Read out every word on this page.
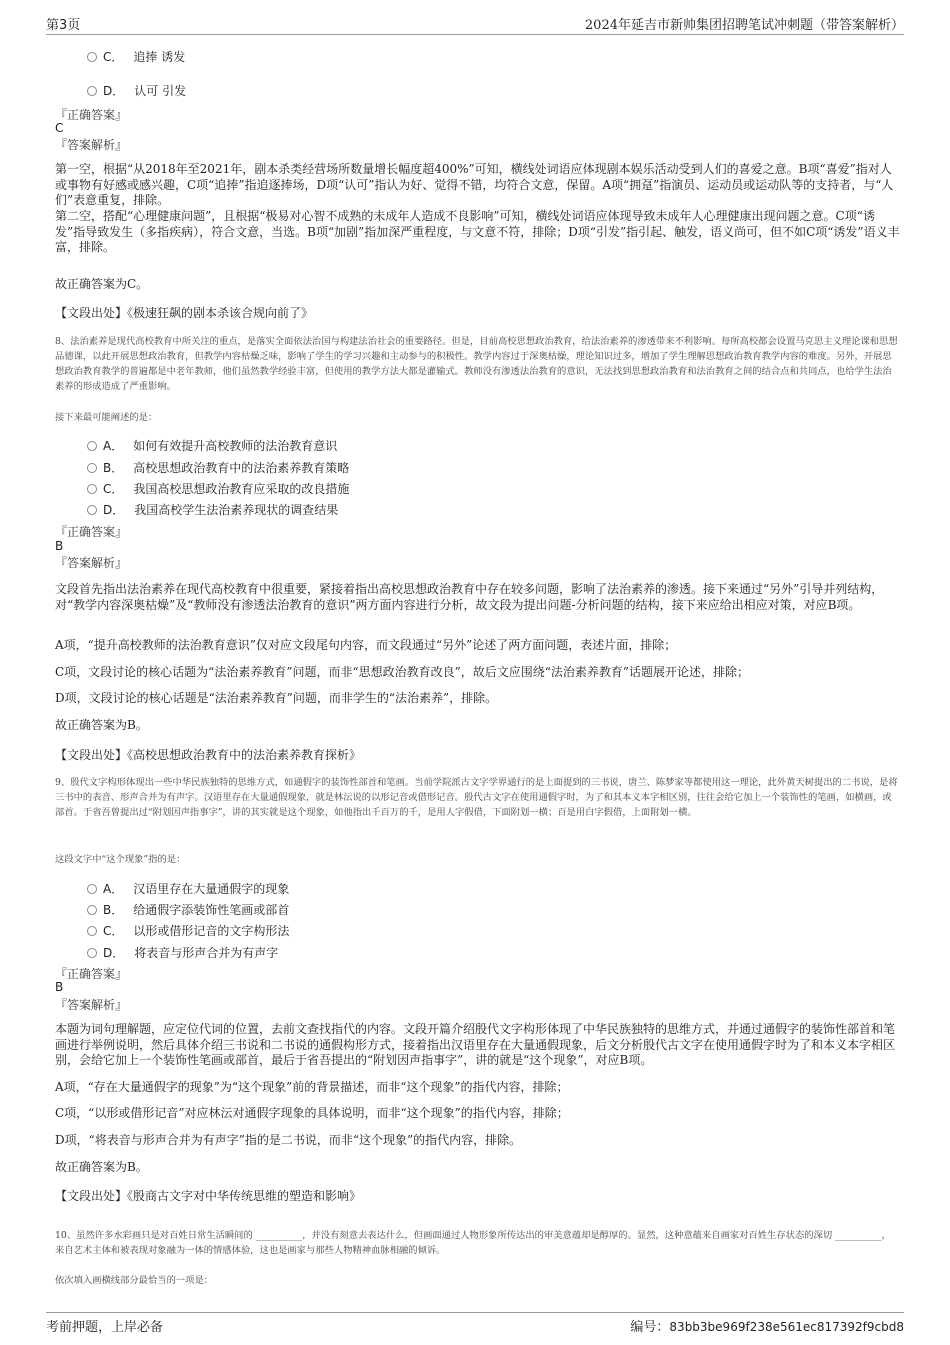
第3页	2024年延吉市新帅集团招聘笔试冲刺题（带答案解析）
C． 追捧 诱发
D． 认可 引发
『正确答案』
C
『答案解析』
第一空，根据“从2018年至2021年，剧本杀类经营场所数量增长幅度超400%”可知，横线处词语应体现剧本娱乐活动受到人们的喜爱之意。B项“喜爱”指对人或事物有好感或感兴趣，C项“追捧”指追逐捧场，D项“认可”指认为好、觉得不错，均符合文意，保留。A项“拥趸”指演员、运动员或运动队等的支持者，与“人们”表意重复，排除。
第二空，搭配“心理健康问题”，且根据“极易对心智不成熟的未成年人造成不良影响”可知，横线处词语应体现导致未成年人心理健康出现问题之意。C项“诱发”指导致发生（多指疾病），符合文意，当选。B项“加剧”指加深严重程度，与文意不符，排除；D项“引发”指引起、触发，语义尚可，但不如C项“诱发”语义丰富，排除。
故正确答案为C。
【文段出处】《极速狂飙的剧本杀该合规向前了》
8、法治素养是现代高校教育中所关注的重点，是落实全面依法治国与构建法治社会的重要路径。但是，目前高校思想政治教育，给法治素养的渗透带来不利影响。每所高校都会设置马克思主义理论课和思想品德课，以此开展思想政治教育，但教学内容枯燥乏味，影响了学生的学习兴趣和主动参与的积极性。教学内容过于深奥枯燥，理论知识过多，增加了学生理解思想政治教育教学内容的难度。另外，开展思想政治教育教学的普遍都是中老年教师，他们虽然教学经验丰富，但使用的教学方法大都是灌输式。教师没有渗透法治教育的意识，无法找到思想政治教育和法治教育之间的结合点和共同点，也给学生法治素养的形成造成了严重影响。
接下来最可能阐述的是：
A． 如何有效提升高校教师的法治教育意识
B． 高校思想政治教育中的法治素养教育策略
C． 我国高校思想政治教育应采取的改良措施
D． 我国高校学生法治素养现状的调查结果
『正确答案』
B
『答案解析』
文段首先指出法治素养在现代高校教育中很重要，紧接着指出高校思想政治教育中存在较多问题，影响了法治素养的渗透。接下来通过“另外”引导并列结构，对“教学内容深奥枯燥”及“教师没有渗透法治教育的意识”两方面内容进行分析，故文段为提出问题-分析问题的结构，接下来应给出相应对策，对应B项。
A项，“提升高校教师的法治教育意识”仅对应文段尾句内容，而文段通过“另外”论述了两方面问题，表述片面，排除；
C项，文段讨论的核心话题为“法治素养教育”问题，而非“思想政治教育改良”，故后文应围绕“法治素养教育”话题展开论述，排除；
D项，文段讨论的核心话题是“法治素养教育”问题，而非学生的“法治素养”，排除。
故正确答案为B。
【文段出处】《高校思想政治教育中的法治素养教育探析》
9、殷代文字构形体现出一些中华民族独特的思维方式，如通假字的装饰性部首和笔画。当前学院派古文字学界通行的是上面提到的三书说，唐兰、陈梦家等都使用这一理论，此外黄天树提出的二书说，是将三书中的表音、形声合并为有声字。汉语里存在大量通假现象，就是林沄说的以形记音或借形记音。殷代古文字在使用通假字时，为了和其本义本字相区别，往往会给它加上一个装饰性的笔画，如横画，或部首。于省吾曾提出过“附划因声指事字”，讲的其实就是这个现象，如他指出千百万的千，是用人字假借，下面附划一横；百是用白字假借，上面附划一横。
这段文字中“这个现象”指的是：
A． 汉语里存在大量通假字的现象
B． 给通假字添装饰性笔画或部首
C． 以形或借形记音的文字构形法
D． 将表音与形声合并为有声字
『正确答案』
B
『答案解析』
本题为词句理解题，应定位代词的位置，去前文查找指代的内容。文段开篇介绍殷代文字构形体现了中华民族独特的思维方式，并通过通假字的装饰性部首和笔画进行举例说明，然后具体介绍三书说和二书说的通假构形方式，接着指出汉语里存在大量通假现象，后文分析殷代古文字在使用通假字时为了和本义本字相区别，会给它加上一个装饰性笔画或部首，最后于省吾提出的“附划因声指事字”，讲的就是“这个现象”，对应B项。
A项，“存在大量通假字的现象”为“这个现象”前的背景描述，而非“这个现象”的指代内容，排除；
C项，“以形或借形记音”对应林沄对通假字现象的具体说明，而非“这个现象”的指代内容，排除；
D项，“将表音与形声合并为有声字”指的是二书说，而非“这个现象”的指代内容，排除。
故正确答案为B。
【文段出处】《殷商古文字对中华传统思维的塑造和影响》
10、虽然许多水彩画只是对百姓日常生活瞬间的 __________，并没有刻意去表达什么，但画面通过人物形象所传达出的审美意蕴却是醇厚的。显然，这种意蕴来自画家对百姓生存状态的深切 __________，来自艺术主体和被表现对象融为一体的情感体验，这也是画家与那些人物精神血脉相融的倾诉。
依次填入画横线部分最恰当的一项是：
考前押题，上岸必备	编号：83bb3be969f238e561ec817392f9cbd8
